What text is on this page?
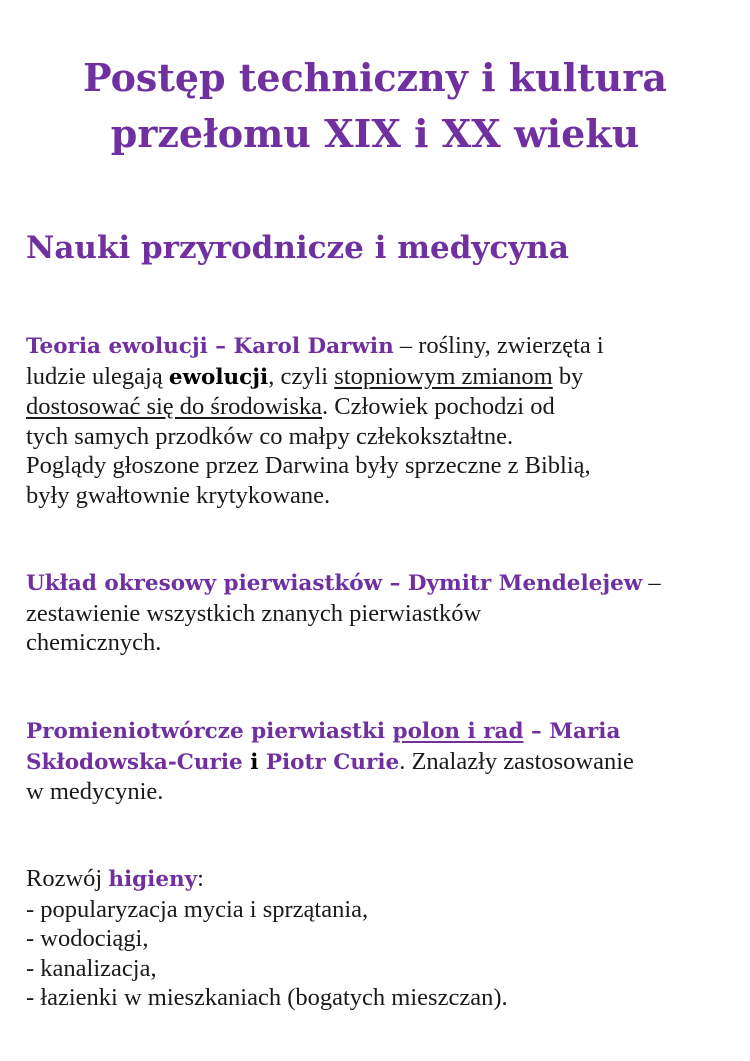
Postęp techniczny i kultura
przełomu XIX i XX wieku
Nauki przyrodnicze i medycyna

Teoria ewolucji – Karol Darwin – rośliny, zwierzęta i
ludzie ulegają ewolucji, czyli stopniowym zmianom by
dostosować się do środowiska. Człowiek pochodzi od
tych samych przodków co małpy człekokształtne.
Poglądy głoszone przez Darwina były sprzeczne z Biblią,
były gwałtownie krytykowane.

Układ okresowy pierwiastków – Dymitr Mendelejew –
zestawienie wszystkich znanych pierwiastków
chemicznych.

Promieniotwórcze pierwiastki polon i rad – Maria
Skłodowska-Curie i Piotr Curie. Znalazły zastosowanie
w medycynie.

Rozwój higieny:
- popularyzacja mycia i sprzątania,
- wodociągi,
- kanalizacja,
- łazienki w mieszkaniach (bogatych mieszczan).
